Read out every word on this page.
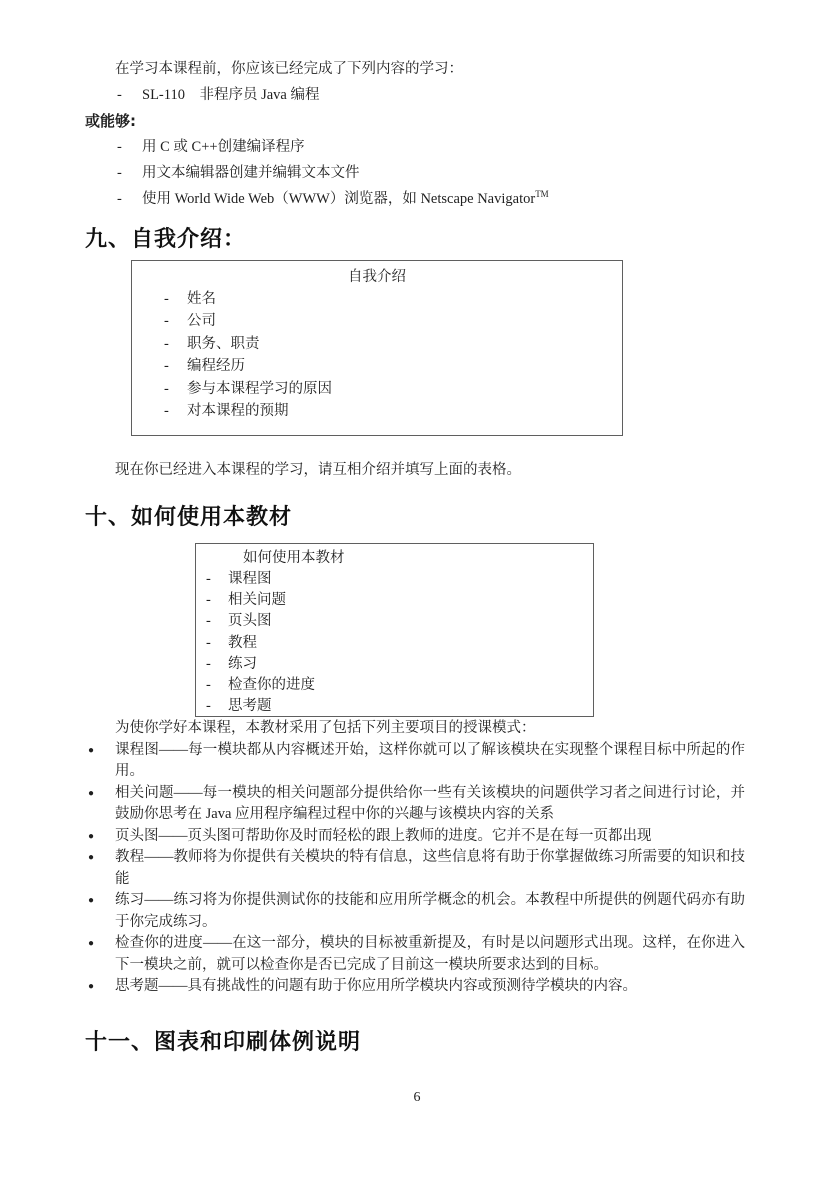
在学习本课程前，你应该已经完成了下列内容的学习：

-	SL-110　非程序员 Java 编程

或能够:

-	用 C 或 C++创建编译程序
-	用文本编辑器创建并编辑文本文件
-	使用 World Wide Web（WWW）浏览器，如 Netscape Navigator™
九、自我介绍：
自我介绍
-	姓名
-	公司
-	职务、职责
-	编程经历
-	参与本课程学习的原因
-	对本课程的预期

现在你已经进入本课程的学习，请互相介绍并填写上面的表格。

十、如何使用本教材
如何使用本教材
-	课程图
-	相关问题
-	页头图
-	教程
-	练习
-	检查你的进度
-	思考题

为使你学好本课程，本教材采用了包括下列主要项目的授课模式：

● 课程图——每一模块都从内容概述开始，这样你就可以了解该模块在实现整个课程目标中所起的作用。
● 相关问题——每一模块的相关问题部分提供给你一些有关该模块的问题供学习者之间进行讨论，并鼓励你思考在 Java 应用程序编程过程中你的兴趣与该模块内容的关系
● 页头图——页头图可帮助你及时而轻松的跟上教师的进度。它并不是在每一页都出现
● 教程——教师将为你提供有关模块的特有信息，这些信息将有助于你掌握做练习所需要的知识和技能
● 练习——练习将为你提供测试你的技能和应用所学概念的机会。本教程中所提供的例题代码亦有助于你完成练习。
● 检查你的进度——在这一部分，模块的目标被重新提及，有时是以问题形式出现。这样，在你进入下一模块之前，就可以检查你是否已完成了目前这一模块所要求达到的目标。
● 思考题——具有挑战性的问题有助于你应用所学模块内容或预测待学模块的内容。
十一、图表和印刷体例说明
6
